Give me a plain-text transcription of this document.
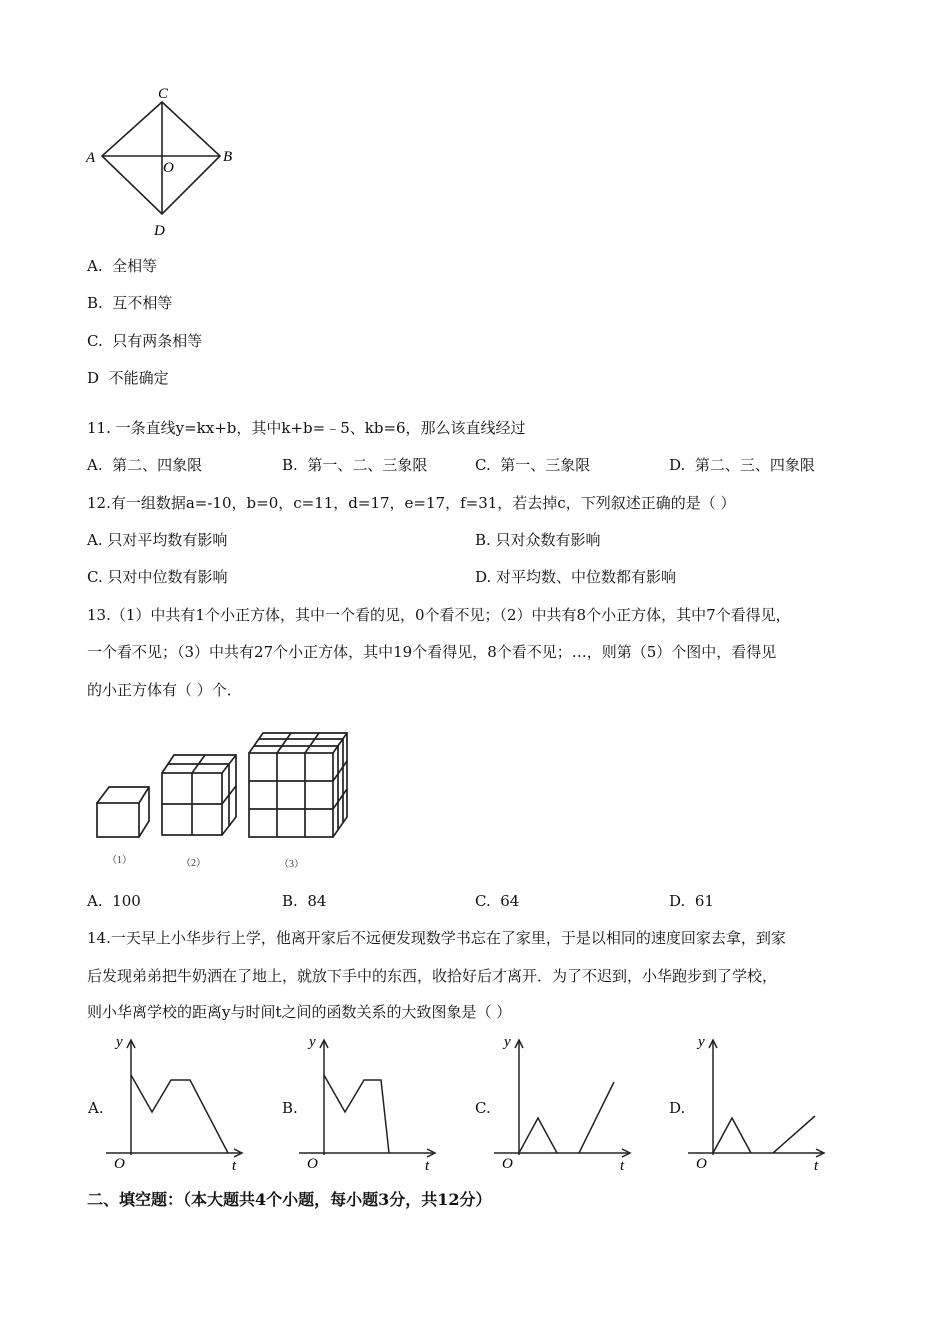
C
A
O
B
D
A. 全相等
B. 互不相等
C. 只有两条相等
D 不能确定
11. 一条直线y=kx+b，其中k+b=﹣5、kb=6，那么该直线经过
A. 第二、四象限	B. 第一、二、三象限	C. 第一、三象限	D. 第二、三、四象限
12.有一组数据a=-10，b=0，c=11，d=17，e=17，f=31，若去掉c，下列叙述正确的是（ ）
A. 只对平均数有影响	B. 只对众数有影响
C. 只对中位数有影响	D. 对平均数、中位数都有影响
13.（1）中共有1个小正方体，其中一个看的见，0个看不见；（2）中共有8个小正方体，其中7个看得见，
一个看不见；（3）中共有27个小正方体，其中19个看得见，8个看不见；…，则第（5）个图中，看得见
的小正方体有（ ）个．
（1）	（2）	（3）
A. 100	B. 84	C. 64	D. 61
14.一天早上小华步行上学，他离开家后不远便发现数学书忘在了家里，于是以相同的速度回家去拿，到家
后发现弟弟把牛奶洒在了地上，就放下手中的东西，收拾好后才离开．为了不迟到，小华跑步到了学校，
则小华离学校的距离y与时间t之间的函数关系的大致图象是（ ）
A.
y
t
O
B.
y
t
O
C.
y
t
O
D.
y
t
O
二、填空题：（本大题共4个小题，每小题3分，共12分）
